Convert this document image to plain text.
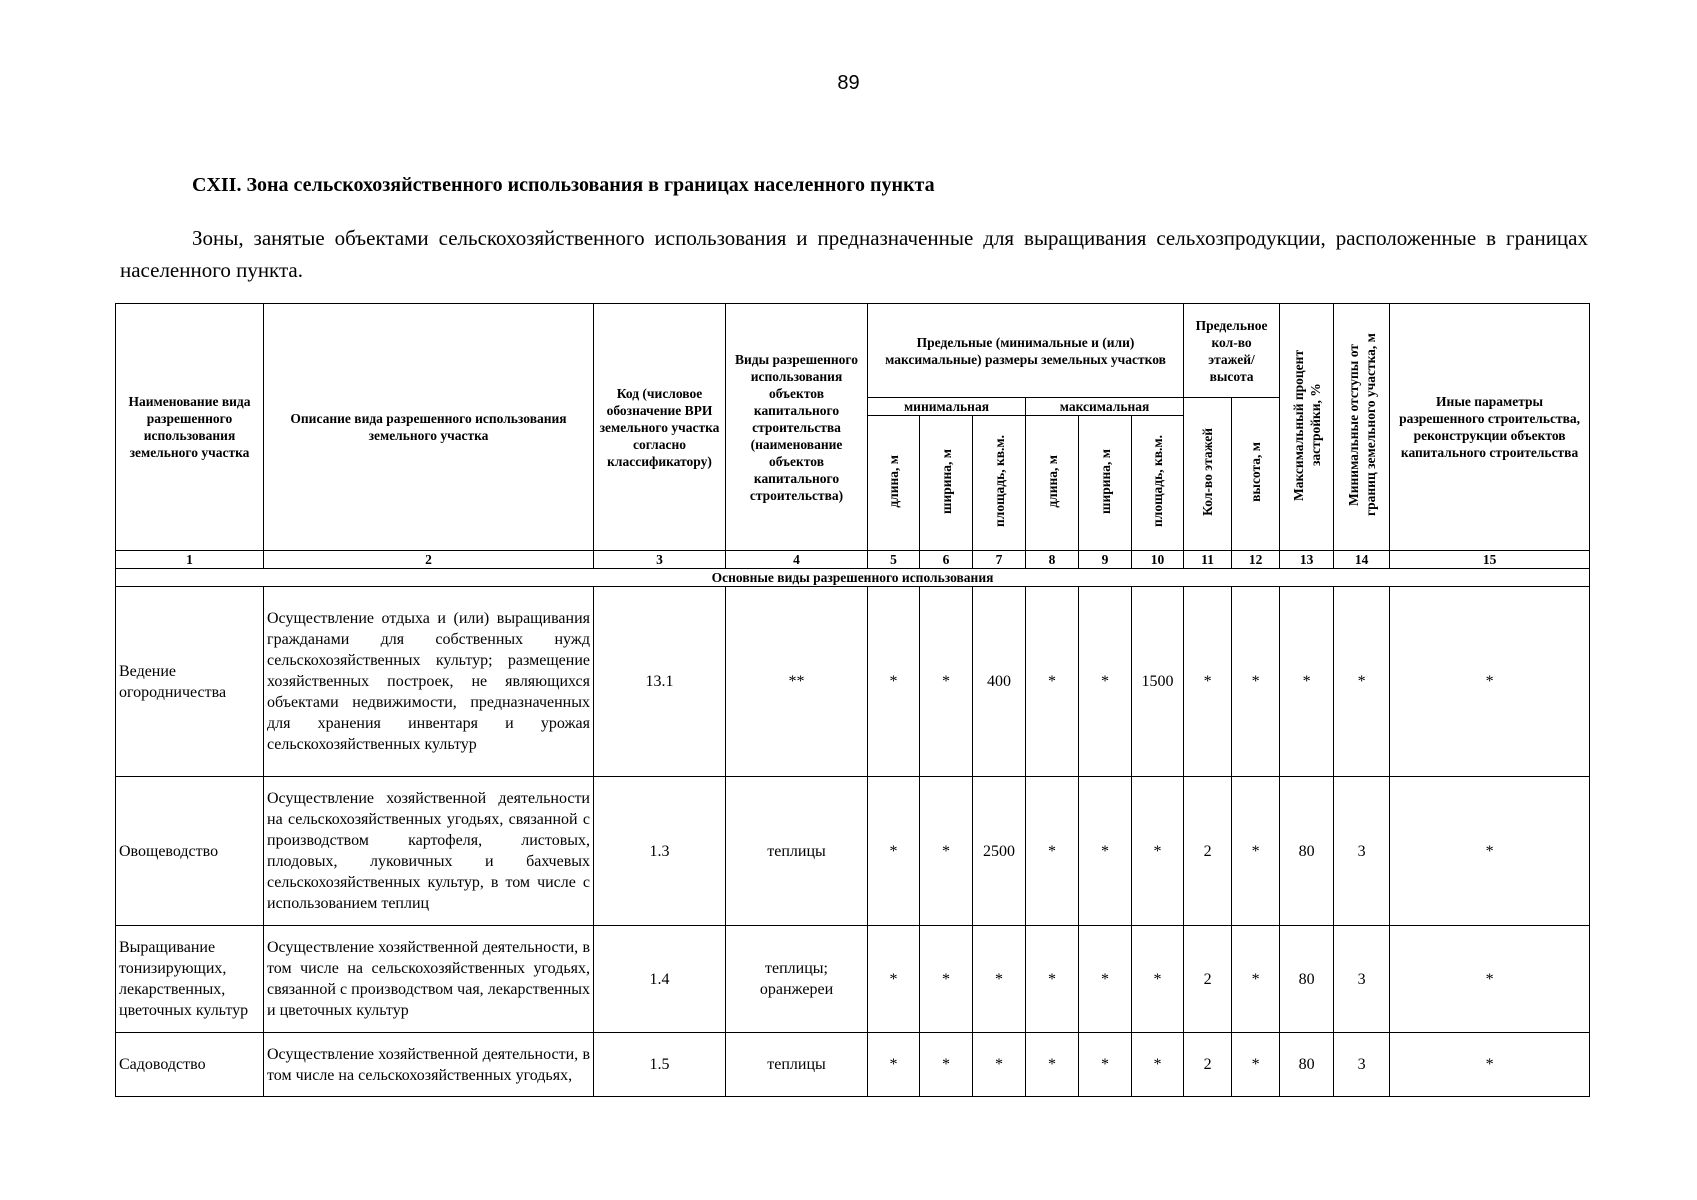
89
CXII. Зона сельскохозяйственного использования в границах населенного пункта

Зоны, занятые объектами сельскохозяйственного использования и предназначенные для выращивания сельхозпродукции, расположенные в границах населенного пункта.

Наименование вида разрешенного использования земельного участка	Описание вида разрешенного использования земельного участка	Код (числовое обозначение ВРИ земельного участка согласно классификатору)	Виды разрешенного использования объектов капитального строительства (наименование объектов капитального строительства)	Предельные (минимальные и (или) максимальные) размеры земельных участков						Предельное кол-во этажей/ высота		Максимальный процент застройки, %	Минимальные отступы от границ земельного участка, м	Иные параметры разрешенного строительства, реконструкции объектов капитального строительства
				минимальная			максимальная			Кол-во этажей	высота, м			
				длина, м	ширина, м	площадь, кв.м.	длина, м	ширина, м	площадь, кв.м.					
1	2	3	4	5	6	7	8	9	10	11	12	13	14	15
Основные виды разрешенного использования														
Ведение огородничества	Осуществление отдыха и (или) выращивания гражданами для собственных нужд сельскохозяйственных культур; размещение хозяйственных построек, не являющихся объектами недвижимости, предназначенных для хранения инвентаря и урожая сельскохозяйственных культур	13.1	**	*	*	400	*	*	1500	*	*	*	*	*
Овощеводство	Осуществление хозяйственной деятельности на сельскохозяйственных угодьях, связанной с производством картофеля, листовых, плодовых, луковичных и бахчевых сельскохозяйственных культур, в том числе с использованием теплиц	1.3	теплицы	*	*	2500	*	*	*	2	*	80	3	*
Выращивание тонизирующих, лекарственных, цветочных культур	Осуществление хозяйственной деятельности, в том числе на сельскохозяйственных угодьях, связанной с производством чая, лекарственных и цветочных культур	1.4	теплицы; оранжереи	*	*	*	*	*	*	2	*	80	3	*
Садоводство	Осуществление хозяйственной деятельности, в том числе на сельскохозяйственных угодьях,	1.5	теплицы	*	*	*	*	*	*	2	*	80	3	*
